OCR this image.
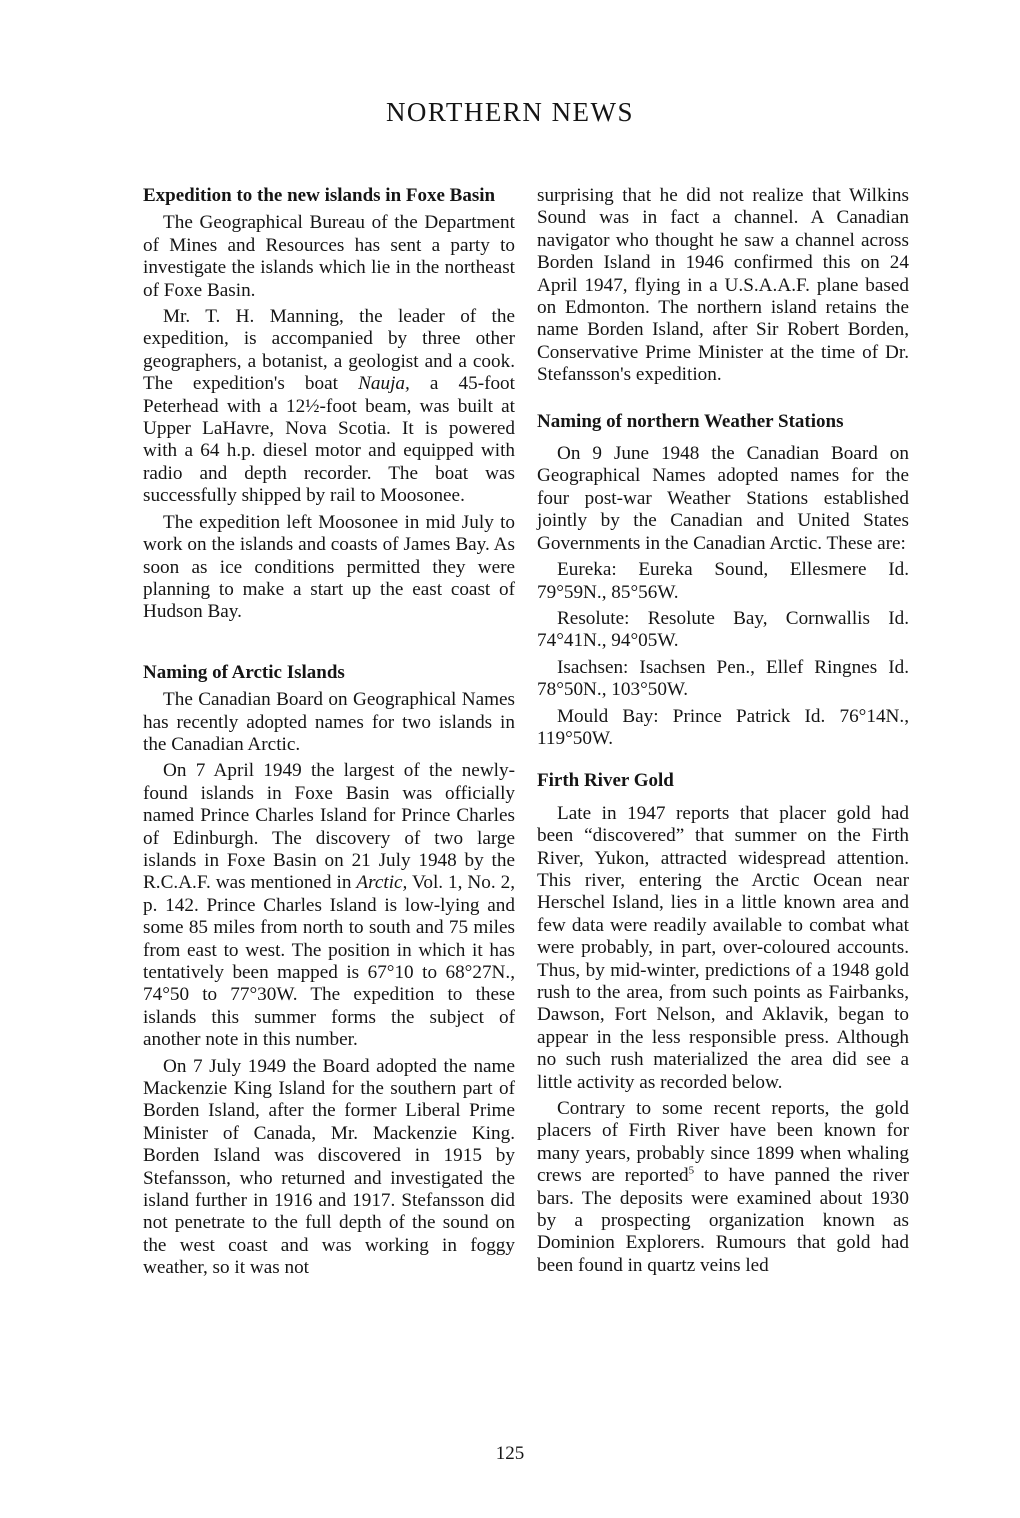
NORTHERN NEWS
Expedition to the new islands in Foxe Basin

The Geographical Bureau of the Department of Mines and Resources has sent a party to investigate the islands which lie in the northeast of Foxe Basin.

Mr. T. H. Manning, the leader of the expedition, is accompanied by three other geographers, a botanist, a geologist and a cook. The expedition's boat Nauja, a 45-foot Peterhead with a 12½-foot beam, was built at Upper LaHavre, Nova Scotia. It is powered with a 64 h.p. diesel motor and equipped with radio and depth recorder. The boat was successfully shipped by rail to Moosonee.

The expedition left Moosonee in mid July to work on the islands and coasts of James Bay. As soon as ice conditions permitted they were planning to make a start up the east coast of Hudson Bay.

Naming of Arctic Islands

The Canadian Board on Geographical Names has recently adopted names for two islands in the Canadian Arctic.

On 7 April 1949 the largest of the newly-found islands in Foxe Basin was officially named Prince Charles Island for Prince Charles of Edinburgh. The discovery of two large islands in Foxe Basin on 21 July 1948 by the R.C.A.F. was mentioned in Arctic, Vol. 1, No. 2, p. 142. Prince Charles Island is low-lying and some 85 miles from north to south and 75 miles from east to west. The position in which it has tentatively been mapped is 67°10 to 68°27N., 74°50 to 77°30W. The expedition to these islands this summer forms the subject of another note in this number.

On 7 July 1949 the Board adopted the name Mackenzie King Island for the southern part of Borden Island, after the former Liberal Prime Minister of Canada, Mr. Mackenzie King. Borden Island was discovered in 1915 by Stefansson, who returned and investigated the island further in 1916 and 1917. Stefansson did not penetrate to the full depth of the sound on the west coast and was working in foggy weather, so it was not

surprising that he did not realize that Wilkins Sound was in fact a channel. A Canadian navigator who thought he saw a channel across Borden Island in 1946 confirmed this on 24 April 1947, flying in a U.S.A.A.F. plane based on Edmonton. The northern island retains the name Borden Island, after Sir Robert Borden, Conservative Prime Minister at the time of Dr. Stefansson's expedition.

Naming of northern Weather Stations

On 9 June 1948 the Canadian Board on Geographical Names adopted names for the four post-war Weather Stations established jointly by the Canadian and United States Governments in the Canadian Arctic. These are:

Eureka: Eureka Sound, Ellesmere Id. 79°59N., 85°56W.

Resolute: Resolute Bay, Cornwallis Id. 74°41N., 94°05W.

Isachsen: Isachsen Pen., Ellef Ringnes Id. 78°50N., 103°50W.

Mould Bay: Prince Patrick Id. 76°14N., 119°50W.

Firth River Gold

Late in 1947 reports that placer gold had been “discovered” that summer on the Firth River, Yukon, attracted widespread attention. This river, entering the Arctic Ocean near Herschel Island, lies in a little known area and few data were readily available to combat what were probably, in part, over-coloured accounts. Thus, by mid-winter, predictions of a 1948 gold rush to the area, from such points as Fairbanks, Dawson, Fort Nelson, and Aklavik, began to appear in the less responsible press. Although no such rush materialized the area did see a little activity as recorded below.

Contrary to some recent reports, the gold placers of Firth River have been known for many years, probably since 1899 when whaling crews are reported$^5$ to have panned the river bars. The deposits were examined about 1930 by a prospecting organization known as Dominion Explorers. Rumours that gold had been found in quartz veins led

125
